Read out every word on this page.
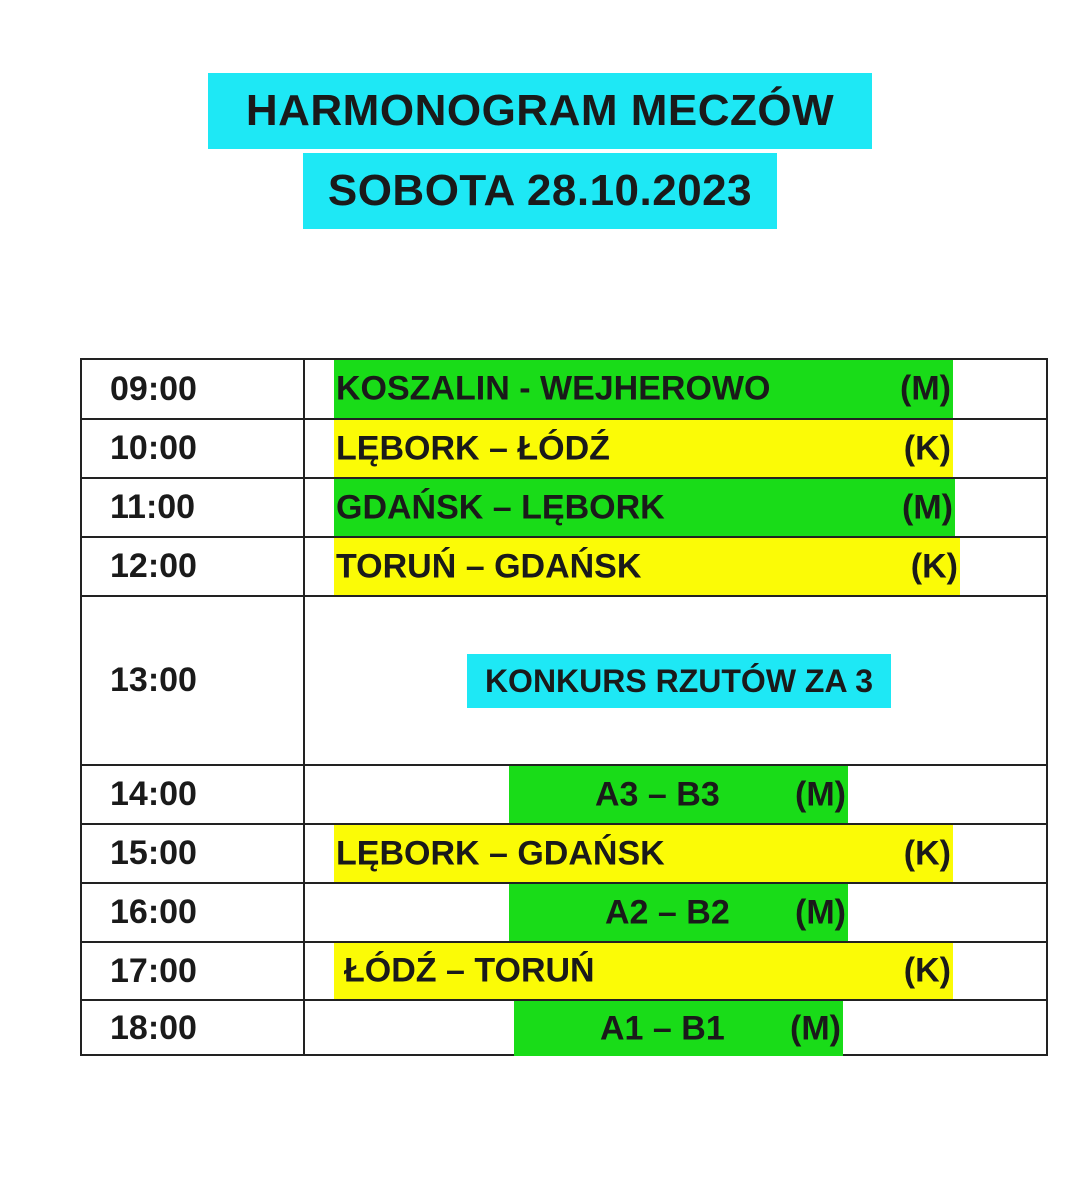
HARMONOGRAM MECZÓW
SOBOTA 28.10.2023
09:00	KOSZALIN - WEJHEROWO	(M)
10:00	LĘBORK – ŁÓDŹ	(K)
11:00	GDAŃSK – LĘBORK	(M)
12:00	TORUŃ – GDAŃSK	(K)
13:00	KONKURS RZUTÓW ZA 3
14:00	A3 – B3 (M)
15:00	LĘBORK – GDAŃSK	(K)
16:00	A2 – B2 (M)
17:00	ŁÓDŹ – TORUŃ	(K)
18:00	A1 – B1 (M)
